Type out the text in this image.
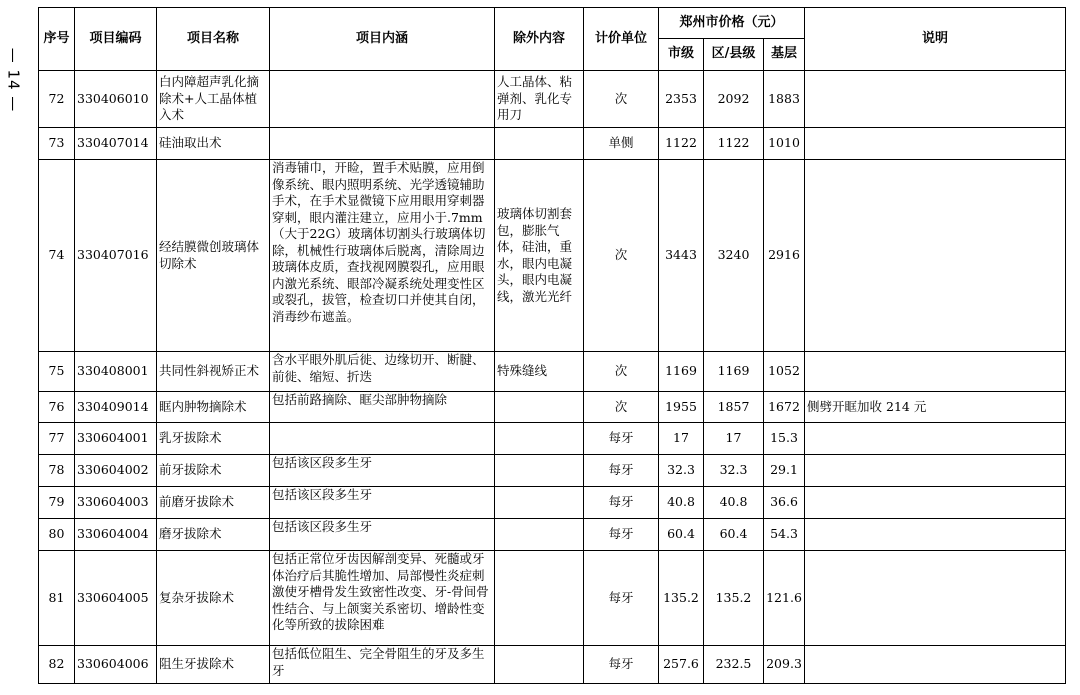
— 14 —
序号	项目编码	项目名称	项目内涵	除外内容	计价单位	郑州市价格（元）			说明
						市级	区/县级	基层	
72	330406010	白内障超声乳化摘除术+人工晶体植入术		人工晶体、粘弹剂、乳化专用刀	次	2353	2092	1883	
73	330407014	硅油取出术			单侧	1122	1122	1010	
74	330407016	经结膜微创玻璃体切除术	消毒铺巾，开睑，置手术贴膜，应用倒像系统、眼内照明系统、光学透镜辅助手术，在手术显微镜下应用眼用穿刺器穿刺，眼内灌注建立，应用小于.7mm（大于22G）玻璃体切割头行玻璃体切除，机械性行玻璃体后脱离，清除周边玻璃体皮质，查找视网膜裂孔，应用眼内激光系统、眼部冷凝系统处理变性区或裂孔，拔管，检查切口并使其自闭，消毒纱布遮盖。	玻璃体切割套包，膨胀气体，硅油，重水，眼内电凝头，眼内电凝线，激光光纤	次	3443	3240	2916	
75	330408001	共同性斜视矫正术	含水平眼外肌后徙、边缘切开、断腱、前徙、缩短、折迭	特殊缝线	次	1169	1169	1052	
76	330409014	眶内肿物摘除术	包括前路摘除、眶尖部肿物摘除		次	1955	1857	1672	侧劈开眶加收 214 元
77	330604001	乳牙拔除术			每牙	17	17	15.3	
78	330604002	前牙拔除术	包括该区段多生牙		每牙	32.3	32.3	29.1	
79	330604003	前磨牙拔除术	包括该区段多生牙		每牙	40.8	40.8	36.6	
80	330604004	磨牙拔除术	包括该区段多生牙		每牙	60.4	60.4	54.3	
81	330604005	复杂牙拔除术	包括正常位牙齿因解剖变异、死髓或牙体治疗后其脆性增加、局部慢性炎症刺激使牙槽骨发生致密性改变、牙-骨间骨性结合、与上颌窦关系密切、增龄性变化等所致的拔除困难		每牙	135.2	135.2	121.6	
82	330604006	阻生牙拔除术	包括低位阻生、完全骨阻生的牙及多生牙		每牙	257.6	232.5	209.3	
